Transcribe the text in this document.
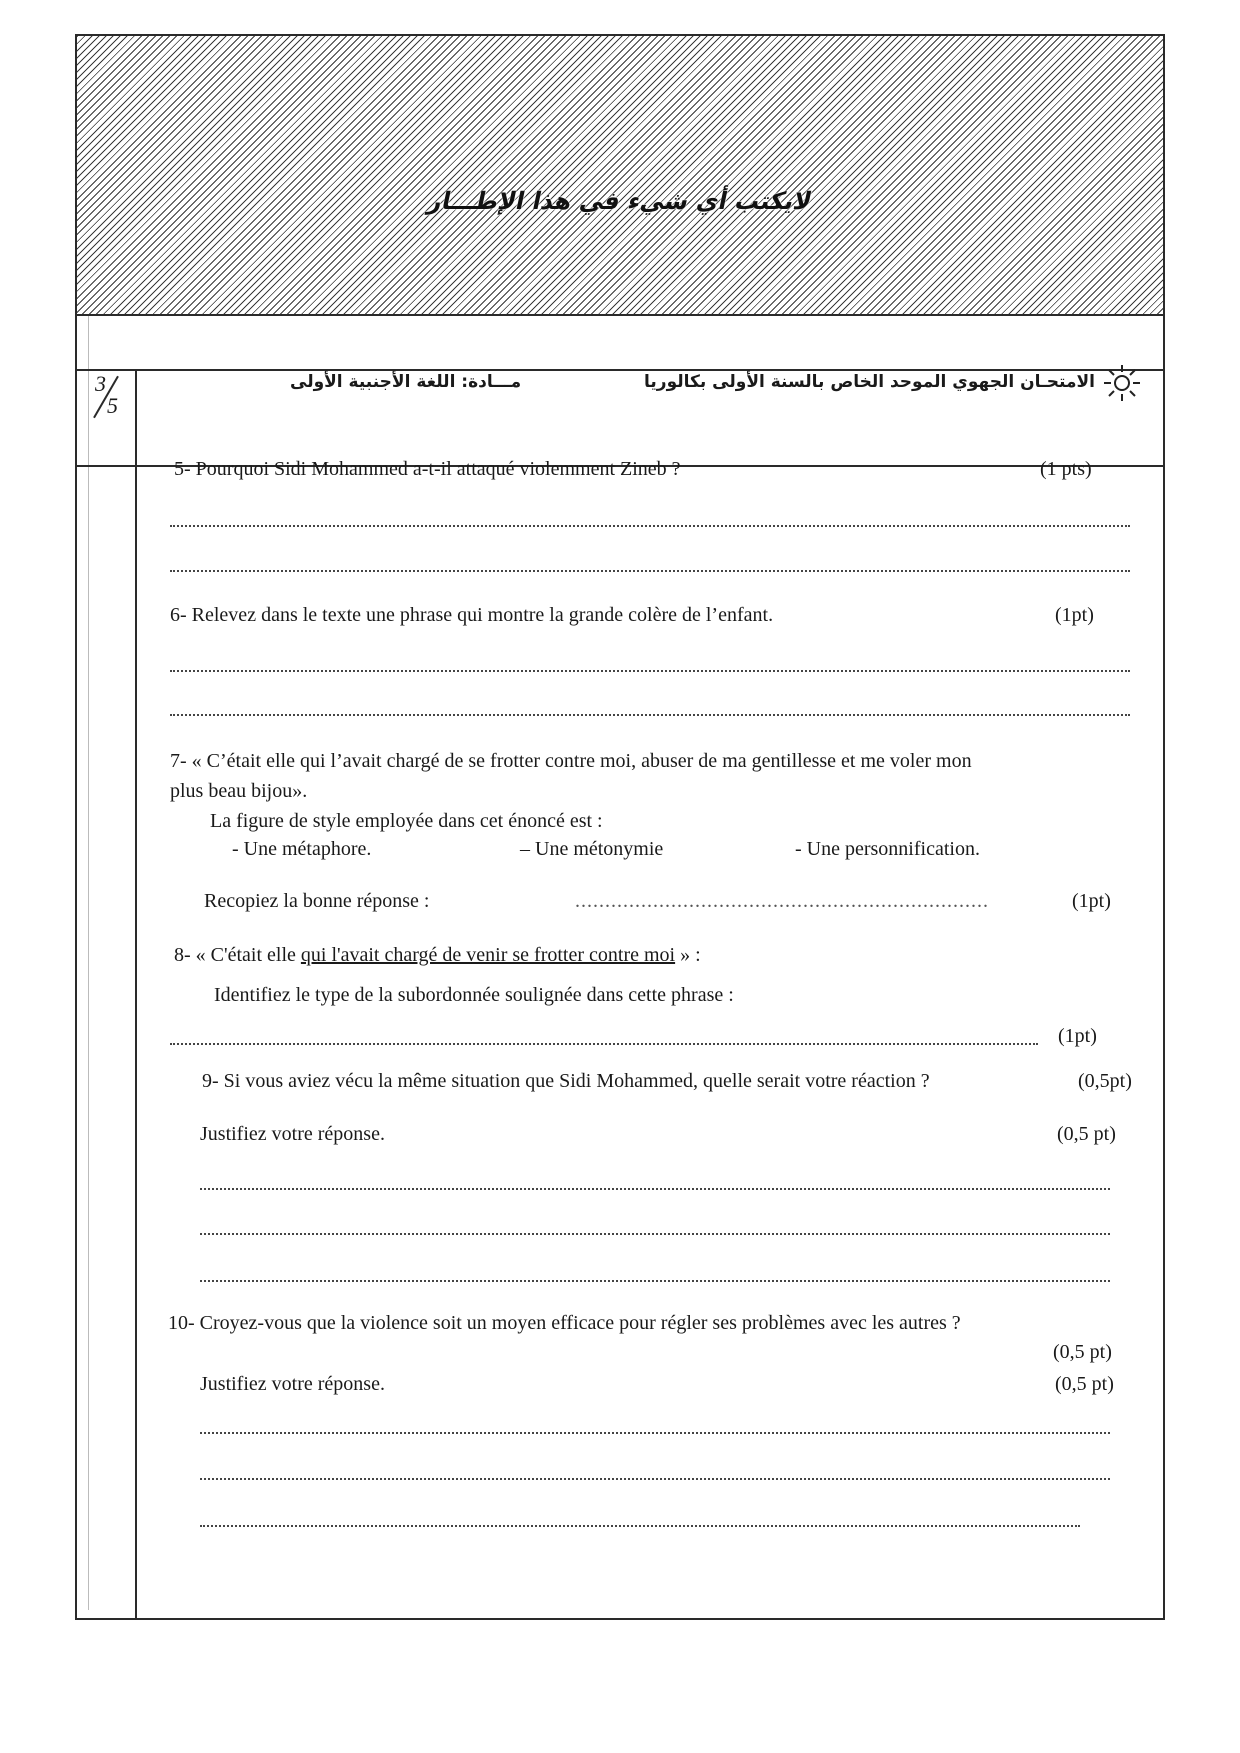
لايكتب أي شيء في هذا الإطـــار
3
5
الامتحـان الجهوي الموحد الخاص بالسنة الأولى بكالوريا
مـــادة: اللغة الأجنبية الأولى
5- Pourquoi Sidi Mohammed a-t-il attaqué violemment Zineb ?	(1 pts)
6- Relevez dans le texte une phrase qui montre la grande colère de l’enfant.	(1pt)
7- « C’était elle qui l’avait chargé de se frotter contre moi, abuser de ma gentillesse et me voler mon
plus beau bijou».
La figure de style employée dans cet énoncé est :
- Une métaphore.	– Une métonymie	- Une personnification.
Recopiez la bonne réponse :	.....................................................................	(1pt)
8- « C'était elle qui l'avait chargé de venir se frotter contre moi » :
Identifiez le type de la subordonnée soulignée dans cette phrase :
(1pt)
9- Si vous aviez vécu la même situation que Sidi Mohammed, quelle serait votre réaction ?	(0,5pt)
Justifiez votre réponse.	(0,5 pt)
10- Croyez-vous que la violence soit un moyen efficace pour régler ses problèmes avec les autres ?
(0,5 pt)
Justifiez votre réponse.	(0,5 pt)
